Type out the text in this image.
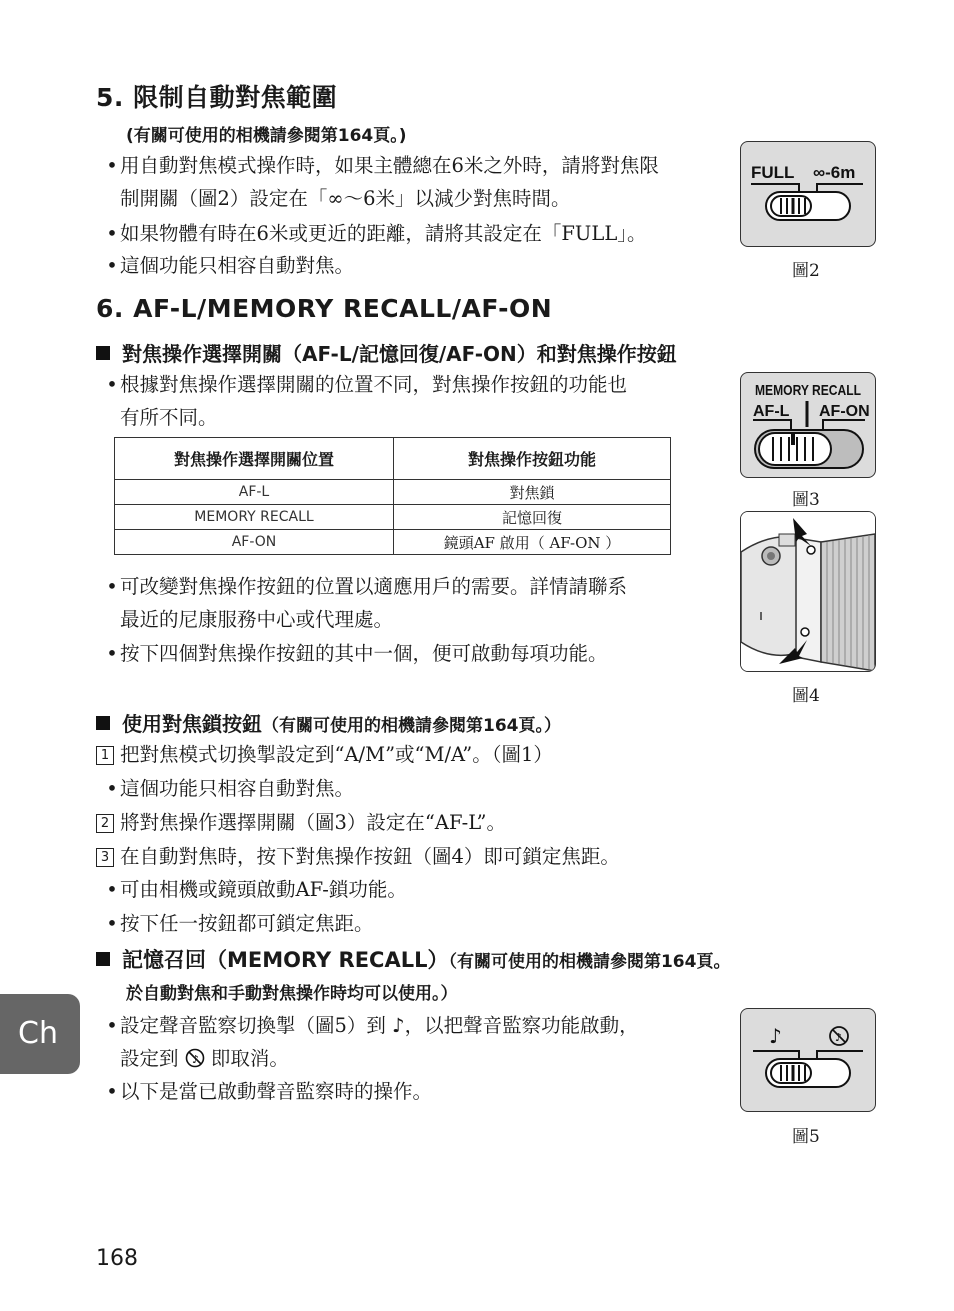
5. 限制自動對焦範圍
(有關可使用的相機請參閱第164頁。)
• 用自動對焦模式操作時，如果主體總在6米之外時，請將對焦限
制開關（圖2）設定在「∞～6米」以減少對焦時間。
• 如果物體有時在6米或更近的距離，請將其設定在「FULL」。
• 這個功能只相容自動對焦。
FULL ∞-6m
圖2
6. AF-L/MEMORY RECALL/AF-ON
對焦操作選擇開關（AF-L/記憶回復/AF-ON）和對焦操作按鈕
• 根據對焦操作選擇開關的位置不同，對焦操作按鈕的功能也
有所不同。
對焦操作選擇開關位置	對焦操作按鈕功能
AF-L	對焦鎖
MEMORY RECALL	記憶回復
AF-ON	鏡頭AF 啟用（ AF-ON ）
• 可改變對焦操作按鈕的位置以適應用戶的需要。詳情請聯系
最近的尼康服務中心或代理處。
• 按下四個對焦操作按鈕的其中一個，便可啟動每項功能。
MEMORY RECALL
AF-L AF-ON
圖3
圖4
使用對焦鎖按鈕（有關可使用的相機請參閱第164頁。）
1 把對焦模式切換掣設定到“A/M”或“M/A”。（圖1）
• 這個功能只相容自動對焦。
2 將對焦操作選擇開關（圖3）設定在“AF-L”。
3 在自動對焦時，按下對焦操作按鈕（圖4）即可鎖定焦距。
• 可由相機或鏡頭啟動AF-鎖功能。
• 按下任一按鈕都可鎖定焦距。
記憶召回（MEMORY RECALL）（有關可使用的相機請參閱第164頁。
於自動對焦和手動對焦操作時均可以使用。）
• 設定聲音監察切換掣（圖5）到 ♪，以把聲音監察功能啟動，
設定到 ♪ 即取消。
• 以下是當已啟動聲音監察時的操作。
♪	♪
圖5
Ch
168
